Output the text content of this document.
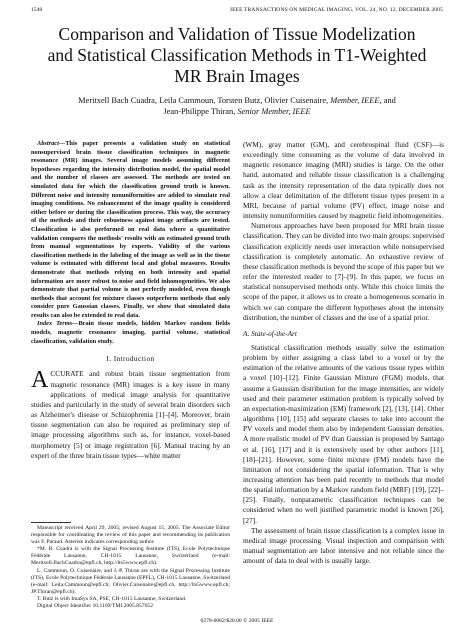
1548	IEEE TRANSACTIONS ON MEDICAL IMAGING, VOL. 24, NO. 12, DECEMBER 2005
Comparison and Validation of Tissue Modelization
and Statistical Classification Methods in T1-Weighted
MR Brain Images
Meritxell Bach Cuadra, Leila Cammoun, Torsten Butz, Olivier Cuisenaire, Member, IEEE, and
Jean-Philippe Thiran, Senior Member, IEEE

Abstract—This paper presents a validation study on statistical nonsupervised brain tissue classification techniques in magnetic resonance (MR) images. Several image models assuming different hypotheses regarding the intensity distribution model, the spatial model and the number of classes are assessed. The methods are tested on simulated data for which the classification ground truth is known. Different noise and intensity nonuniformities are added to simulate real imaging conditions. No enhancement of the image quality is considered either before or during the classification process. This way, the accuracy of the methods and their robustness against image artifacts are tested. Classification is also performed on real data where a quantitative validation compares the methods' results with an estimated ground truth from manual segmentations by experts. Validity of the various classification methods in the labeling of the image as well as in the tissue volume is estimated with different local and global measures. Results demonstrate that methods relying on both intensity and spatial information are more robust to noise and field inhomogeneities. We also demonstrate that partial volume is not perfectly modeled, even though methods that account for mixture classes outperform methods that only consider pure Gaussian classes. Finally, we show that simulated data results can also be extended to real data.

Index Terms—Brain tissue models, hidden Markov random fields models, magnetic resonance imaging, partial volume, statistical classification, validation study.

I. Introduction

ACCURATE and robust brain tissue segmentation from magnetic resonance (MR) images is a key issue in many applications of medical image analysis for quantitative studies and particularly in the study of several brain disorders such as Alzheimer's disease or Schizophrenia [1]–[4]. Moreover, brain tissue segmentation can also be required as preliminary step of image processing algorithms such as, for instance, voxel-based morphometry [5] or image registration [6]. Manual tracing by an expert of the three brain tissue types—white matter

Manuscript received April 29, 2005; revised August 15, 2005. The Associate Editor responsible for coordinating the review of this paper and recommending its publication was F. Paraud. Asterisk indicates corresponding author.

*M. B. Cuadra is with the Signal Processing Institute (ITS), Ecole Polytechnique Fédérale Lausanne, CH-1015 Lausanne, Switzerland (e-mail: Meritxell.BachCuadra@epfl.ch, http://lts5www.epfl.ch).

L. Cammoun, O. Cuisenaire, and J.-P. Thiran are with the Signal Processing Institute (ITS), Ecole Polytechnique Fédérale Lausanne (EPFL), CH-1015 Lausanne, Switzerland (e-mail: Leila.Cammoun@epfl.ch; Olivier.Cuisenaire@epfl.ch, http://lts5www.epfl.ch; JP.Thiran@epfl.ch).

T. Butz is with ImaSys SA, PSE, CH-1015 Lausanne, Switzerland.

Digital Object Identifier 10.1109/TMI.2005.857652

(WM), gray matter (GM), and cerebrospinal fluid (CSF)—is exceedingly time consuming as the volume of data involved in magnetic resonance imaging (MRI) studies is large. On the other hand, automated and reliable tissue classification is a challenging task as the intensity representation of the data typically does not allow a clear delimitation of the different tissue types present in a MRI, because of partial volume (PV) effect, image noise and intensity nonuniformities caused by magnetic field inhomogeneities.

Numerous approaches have been proposed for MRI brain tissue classification. They can be divided into two main groups: supervised classification explicitly needs user interaction while nonsupervised classification is completely automatic. An exhaustive review of these classification methods is beyond the scope of this paper but we refer the interested reader to [7]–[9]. In this paper, we focus on statistical nonsupervised methods only. While this choice limits the scope of the paper, it allows us to create a homogeneous scenario in which we can compare the different hypotheses about the intensity distribution, the number of classes and the use of a spatial prior.

A. State-of-the-Art

Statistical classification methods usually solve the estimation problem by either assigning a class label to a voxel or by the estimation of the relative amounts of the various tissue types within a voxel [10]–[12]. Finite Gaussian Mixture (FGM) models, that assume a Gaussian distribution for the image intensities, are widely used and their parameter estimation problem is typically solved by an expectation-maximization (EM) framework [2], [13], [14]. Other algorithms [10], [15] add separate classes to take into account the PV voxels and model them also by independent Gaussian densities. A more realistic model of PV than Gaussian is proposed by Santago et al. [16], [17] and it is extensively used by other authors [11], [18]–[21]. However, some finite mixture (FM) models have the limitation of not considering the spatial information. That is why increasing attention has been paid recently to methods that model the spatial information by a Markov random field (MRF) [19], [22]–[25]. Finally, nonparametric classification techniques can be considered when no well justified parametric model is known [26], [27].

The assessment of brain tissue classification is a complex issue in medical image processing. Visual inspection and comparison with manual segmentation are labor intensive and not reliable since the amount of data to deal with is usually large.

0278-0062/$20.00 © 2005 IEEE
